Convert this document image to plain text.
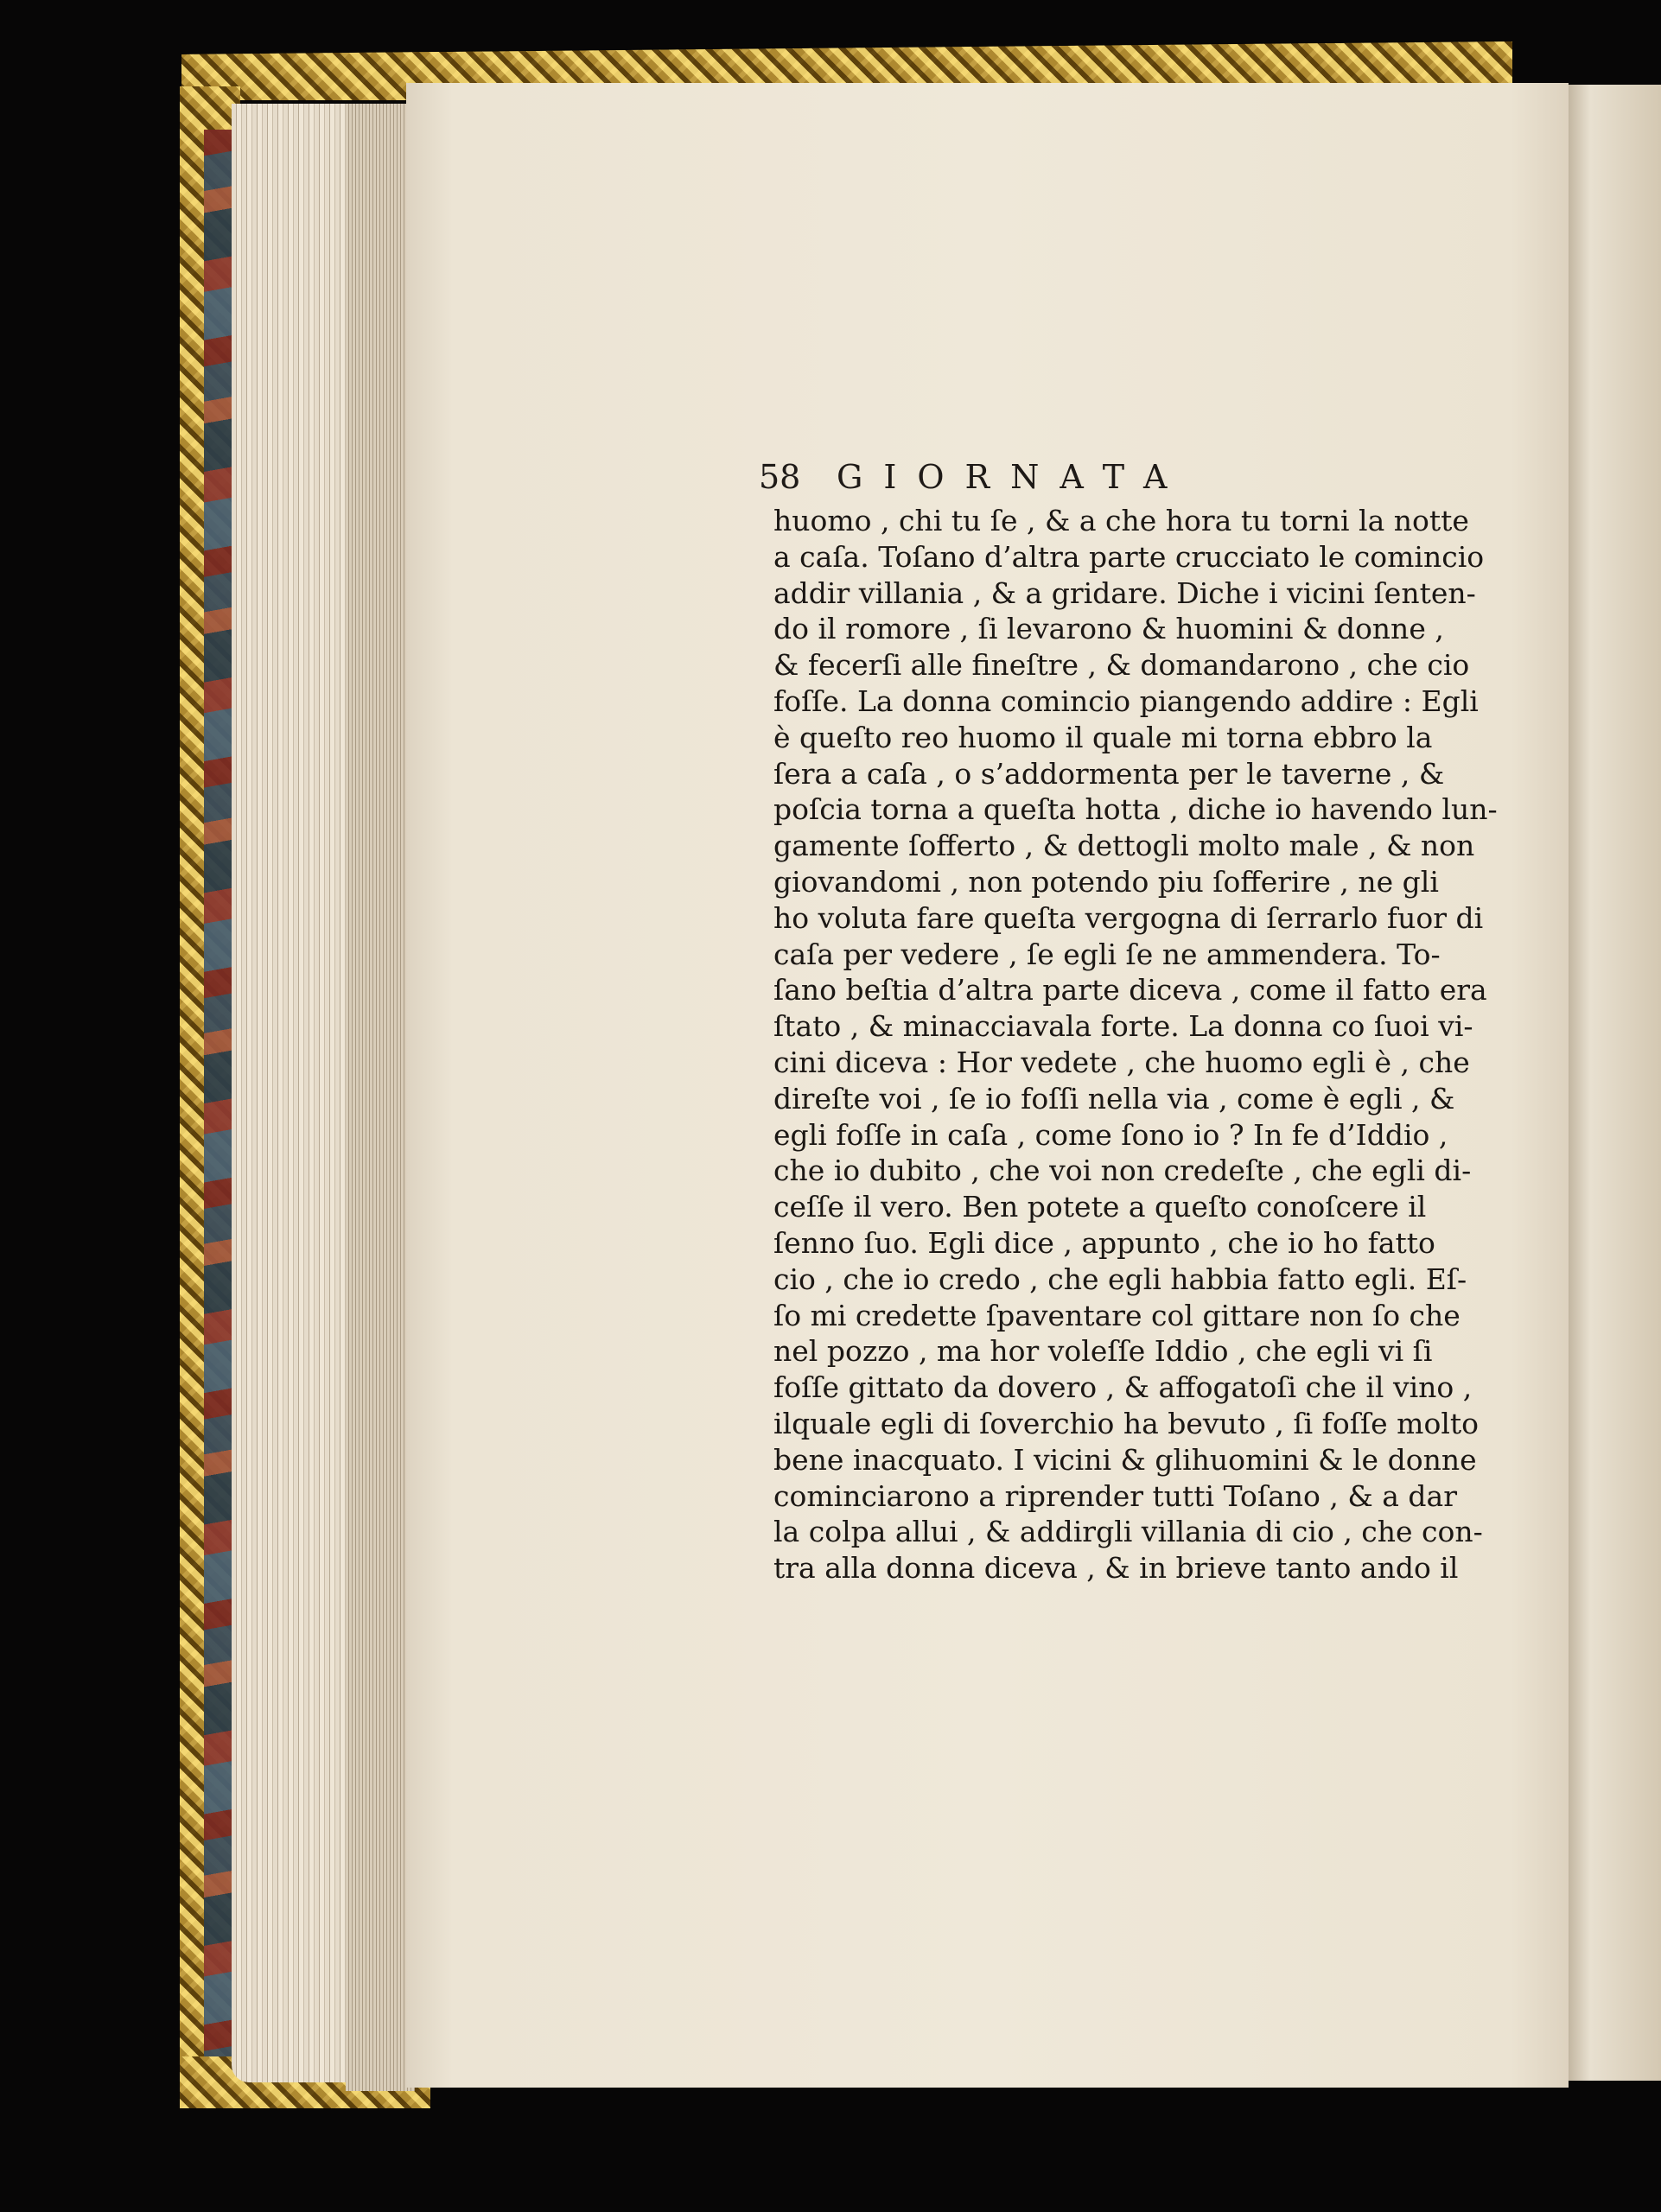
58 GIORNATA
huomo , chi tu ſe , & a che hora tu torni la notte
a caſa. Toſano d’altra parte crucciato le comincio
addir villania , & a gridare. Diche i vicini ſenten-
do il romore , ſi levarono & huomini & donne ,
& fecerſi alle fineſtre , & domandarono , che cio
foſſe. La donna comincio piangendo addire : Egli
è queſto reo huomo il quale mi torna ebbro la
ſera a caſa , o s’addormenta per le taverne , &
poſcia torna a queſta hotta , diche io havendo lun-
gamente ſofferto , & dettogli molto male , & non
giovandomi , non potendo piu ſofferire , ne gli
ho voluta fare queſta vergogna di ſerrarlo fuor di
caſa per vedere , ſe egli ſe ne ammendera. To-
ſano beſtia d’altra parte diceva , come il fatto era
ſtato , & minacciavala forte. La donna co ſuoi vi-
cini diceva : Hor vedete , che huomo egli è , che
direſte voi , ſe io foſſi nella via , come è egli , &
egli foſſe in caſa , come ſono io ? In fe d’Iddio ,
che io dubito , che voi non credeſte , che egli di-
ceſſe il vero. Ben potete a queſto conoſcere il
ſenno ſuo. Egli dice , appunto , che io ho fatto
cio , che io credo , che egli habbia fatto egli. Eſ-
ſo mi credette ſpaventare col gittare non ſo che
nel pozzo , ma hor voleſſe Iddio , che egli vi ſi
foſſe gittato da dovero , & affogatoſi che il vino ,
ilquale egli di ſoverchio ha bevuto , ſi foſſe molto
bene inacquato. I vicini & glihuomini & le donne
cominciarono a riprender tutti Toſano , & a dar
la colpa allui , & addirgli villania di cio , che con-
tra alla donna diceva , & in brieve tanto ando il
